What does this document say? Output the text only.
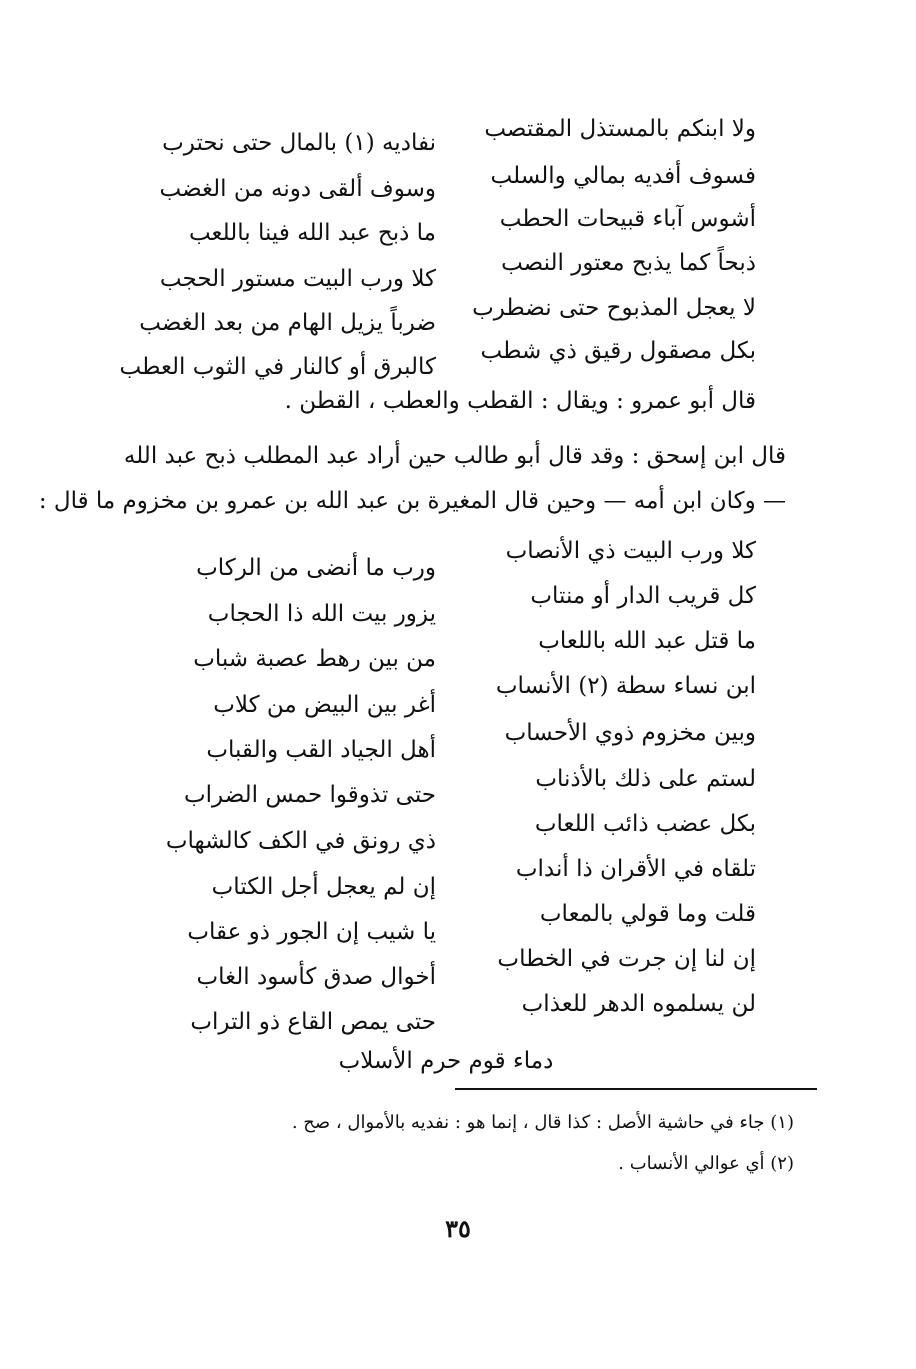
ولا ابنكم بالمستذل المقتصب
نفاديه (١) بالمال حتى نحترب
فسوف أفديه بمالي والسلب
وسوف ألقى دونه من الغضب
أشوس آباء قبيحات الحطب
ما ذبح عبد الله فينا باللعب
ذبحاً كما يذبح معتور النصب
كلا ورب البيت مستور الحجب
لا يعجل المذبوح حتى نضطرب
ضرباً يزيل الهام من بعد الغضب
بكل مصقول رقيق ذي شطب
كالبرق أو كالنار في الثوب العطب
قال أبو عمرو : ويقال : القطب والعطب ، القطن .
قال ابن إسحق : وقد قال أبو طالب حين أراد عبد المطلب ذبح عبد الله
— وكان ابن أمه — وحين قال المغيرة بن عبد الله بن عمرو بن مخزوم ما قال :
كلا ورب البيت ذي الأنصاب
ورب ما أنضى من الركاب
كل قريب الدار أو منتاب
يزور بيت الله ذا الحجاب
ما قتل عبد الله باللعاب
من بين رهط عصبة شباب
ابن نساء سطة (٢) الأنساب
أغر بين البيض من كلاب
وبين مخزوم ذوي الأحساب
أهل الجياد القب والقباب
لستم على ذلك بالأذناب
حتى تذوقوا حمس الضراب
بكل عضب ذائب اللعاب
ذي رونق في الكف كالشهاب
تلقاه في الأقران ذا أنداب
إن لم يعجل أجل الكتاب
قلت وما قولي بالمعاب
يا شيب إن الجور ذو عقاب
إن لنا إن جرت في الخطاب
أخوال صدق كأسود الغاب
لن يسلموه الدهر للعذاب
حتى يمص القاع ذو التراب
دماء قوم حرم الأسلاب
(١) جاء في حاشية الأصل : كذا قال ، إنما هو : نفديه بالأموال ، صح .
(٢) أي عوالي الأنساب .
٣٥
